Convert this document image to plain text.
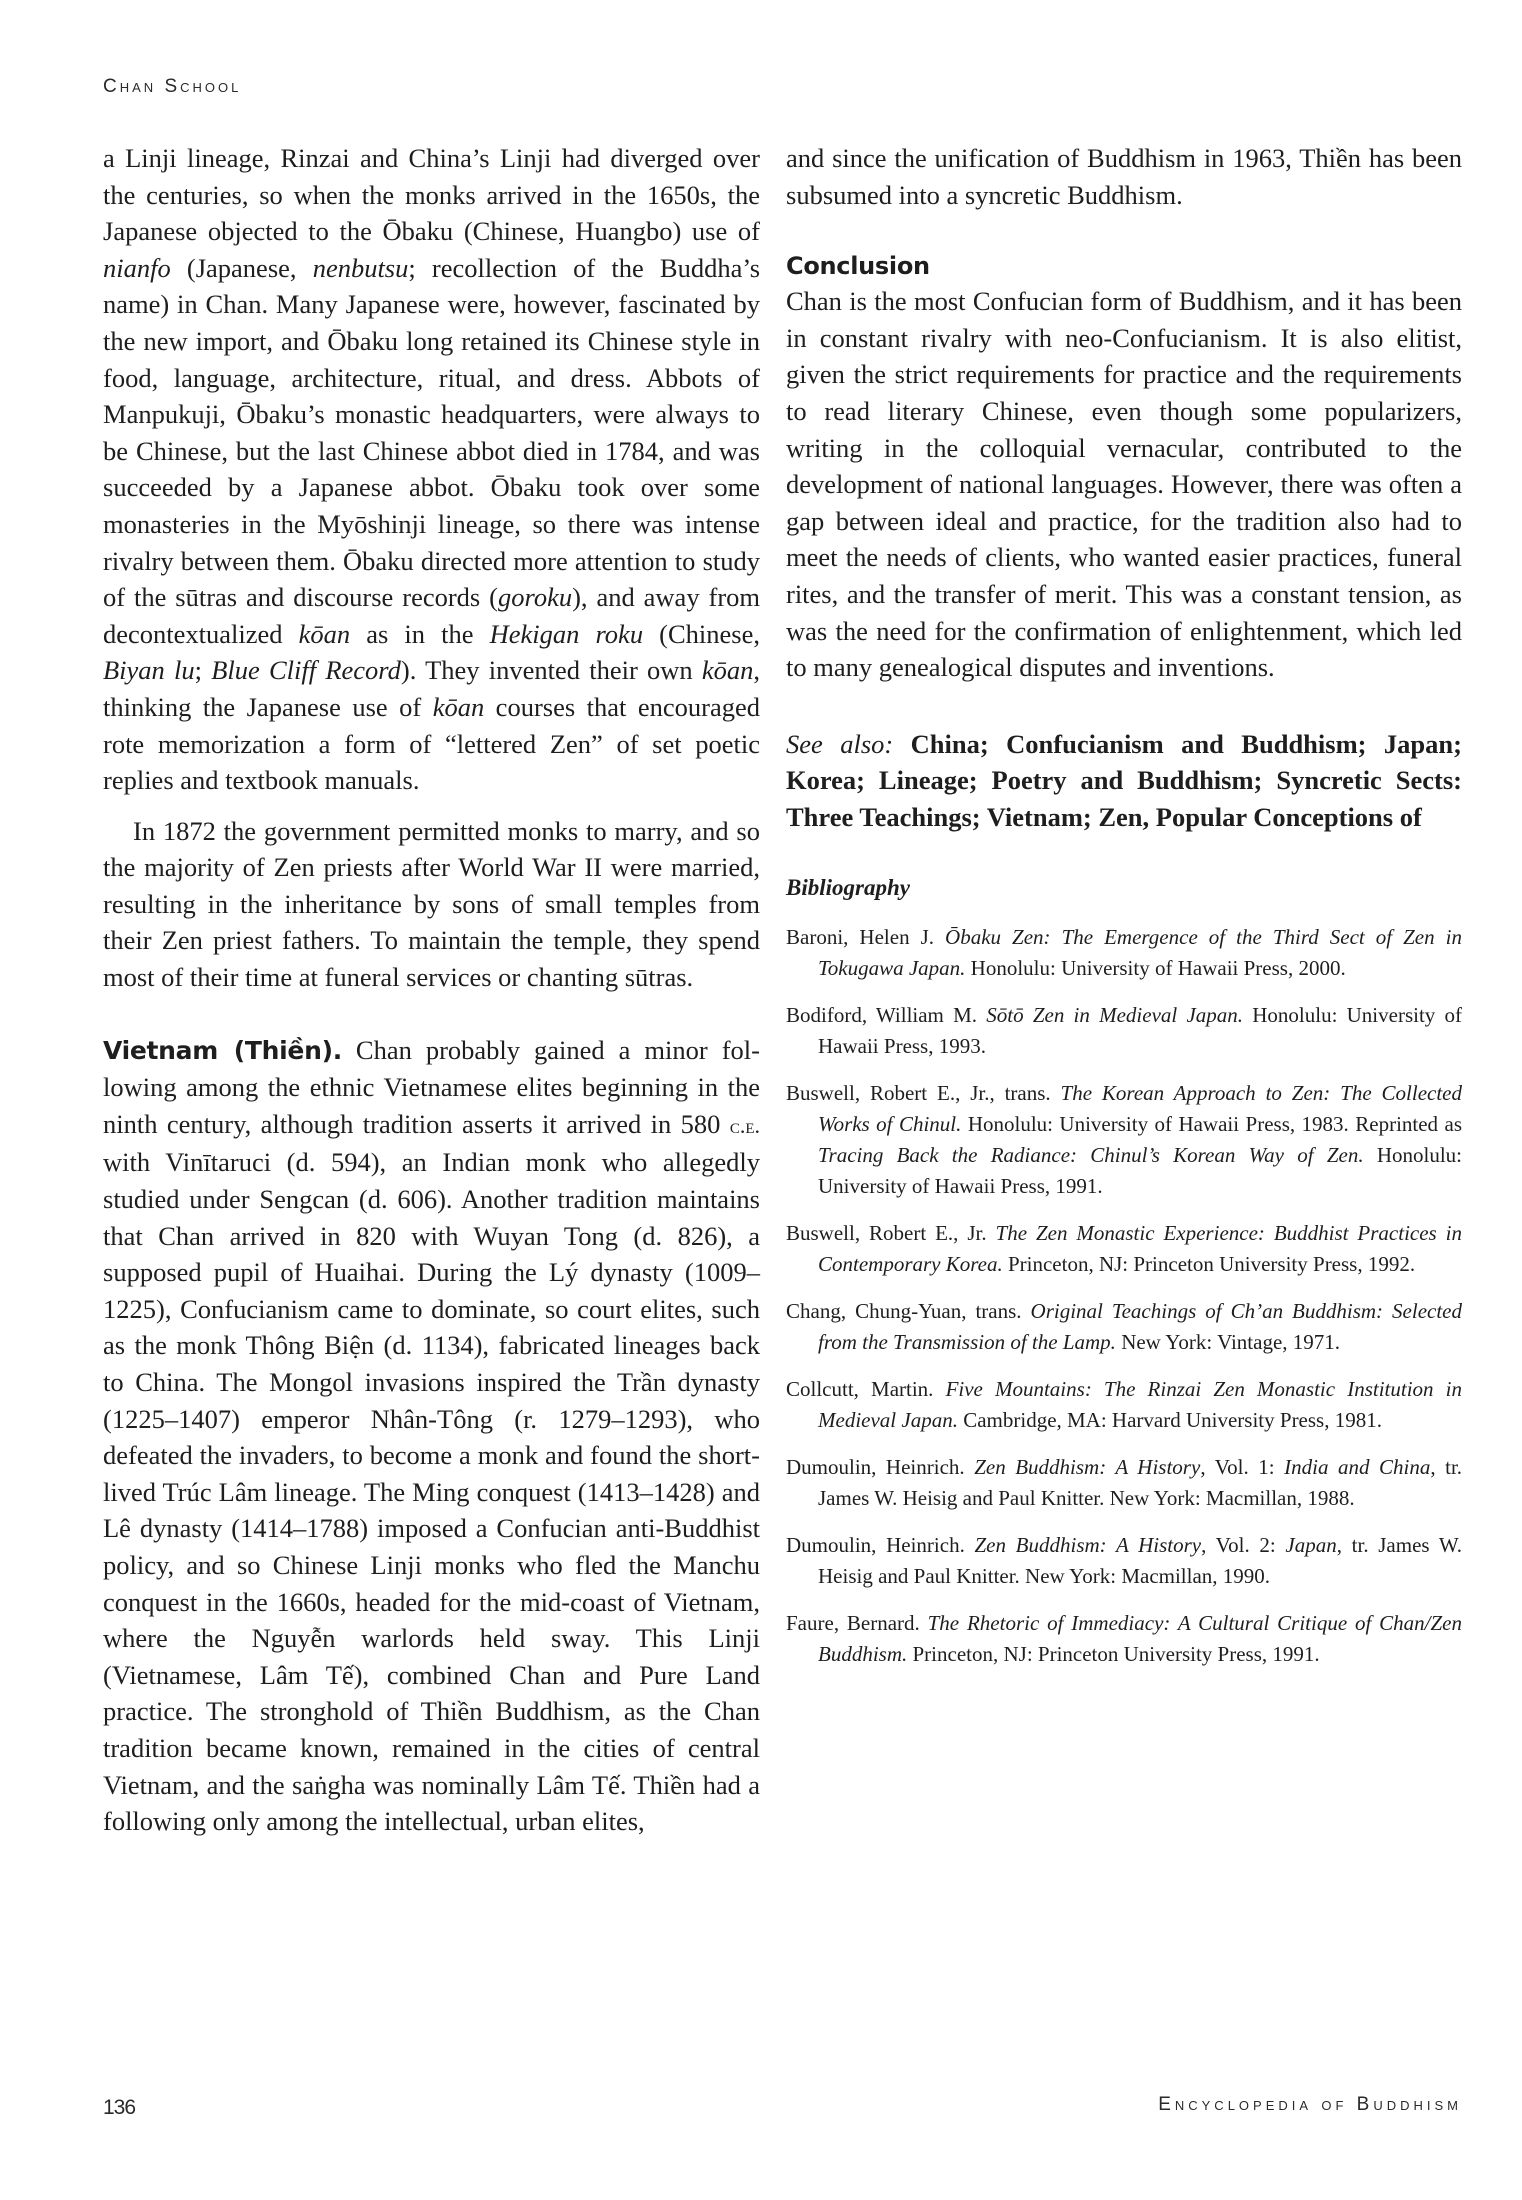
Chan School

a Linji lineage, Rinzai and China’s Linji had diverged over the centuries, so when the monks arrived in the 1650s, the Japanese objected to the Ōbaku (Chinese, Huangbo) use of nianfo (Japanese, nenbutsu; recollection of the Buddha’s name) in Chan. Many Japanese were, however, fascinated by the new import, and Ōbaku long retained its Chinese style in food, language, architecture, ritual, and dress. Abbots of Manpukuji, Ōbaku’s monastic headquarters, were always to be Chinese, but the last Chinese abbot died in 1784, and was succeeded by a Japanese abbot. Ōbaku took over some monasteries in the Myōshinji lineage, so there was intense rivalry between them. Ōbaku directed more attention to study of the sūtras and discourse records (goroku), and away from decontextualized kōan as in the Hekigan roku (Chinese, Biyan lu; Blue Cliff Record). They invented their own kōan, thinking the Japanese use of kōan courses that encouraged rote memorization a form of “lettered Zen” of set poetic replies and textbook manuals.

In 1872 the government permitted monks to marry, and so the majority of Zen priests after World War II were married, resulting in the inheritance by sons of small temples from their Zen priest fathers. To maintain the temple, they spend most of their time at funeral services or chanting sūtras.

Vietnam (Thiền). Chan probably gained a minor following among the ethnic Vietnamese elites beginning in the ninth century, although tradition asserts it arrived in 580 c.e. with Vinītaruci (d. 594), an Indian monk who allegedly studied under Sengcan (d. 606). Another tradition maintains that Chan arrived in 820 with Wuyan Tong (d. 826), a supposed pupil of Huaihai. During the Lý dynasty (1009–1225), Confucianism came to dominate, so court elites, such as the monk Thông Biện (d. 1134), fabricated lineages back to China. The Mongol invasions inspired the Trần dynasty (1225–1407) emperor Nhân-Tông (r. 1279–1293), who defeated the invaders, to become a monk and found the short-lived Trúc Lâm lineage. The Ming conquest (1413–1428) and Lê dynasty (1414–1788) imposed a Confucian anti-Buddhist policy, and so Chinese Linji monks who fled the Manchu conquest in the 1660s, headed for the mid-coast of Vietnam, where the Nguyễn warlords held sway. This Linji (Vietnamese, Lâm Tế), combined Chan and Pure Land practice. The stronghold of Thiền Buddhism, as the Chan tradition became known, remained in the cities of central Vietnam, and the saṅgha was nominally Lâm Tế. Thiền had a following only among the intellectual, urban elites,

and since the unification of Buddhism in 1963, Thiền has been subsumed into a syncretic Buddhism.

Conclusion

Chan is the most Confucian form of Buddhism, and it has been in constant rivalry with neo-Confucianism. It is also elitist, given the strict requirements for practice and the requirements to read literary Chinese, even though some popularizers, writing in the colloquial vernacular, contributed to the development of national languages. However, there was often a gap between ideal and practice, for the tradition also had to meet the needs of clients, who wanted easier practices, funeral rites, and the transfer of merit. This was a constant tension, as was the need for the confirmation of enlightenment, which led to many genealogical disputes and inventions.

See also: China; Confucianism and Buddhism; Japan; Korea; Lineage; Poetry and Buddhism; Syncretic Sects: Three Teachings; Vietnam; Zen, Popular Conceptions of

Bibliography

Baroni, Helen J. Ōbaku Zen: The Emergence of the Third Sect of Zen in Tokugawa Japan. Honolulu: University of Hawaii Press, 2000.

Bodiford, William M. Sōtō Zen in Medieval Japan. Honolulu: University of Hawaii Press, 1993.

Buswell, Robert E., Jr., trans. The Korean Approach to Zen: The Collected Works of Chinul. Honolulu: University of Hawaii Press, 1983. Reprinted as Tracing Back the Radiance: Chinul’s Korean Way of Zen. Honolulu: University of Hawaii Press, 1991.

Buswell, Robert E., Jr. The Zen Monastic Experience: Buddhist Practices in Contemporary Korea. Princeton, NJ: Princeton University Press, 1992.

Chang, Chung-Yuan, trans. Original Teachings of Ch’an Buddhism: Selected from the Transmission of the Lamp. New York: Vintage, 1971.

Collcutt, Martin. Five Mountains: The Rinzai Zen Monastic Institution in Medieval Japan. Cambridge, MA: Harvard University Press, 1981.

Dumoulin, Heinrich. Zen Buddhism: A History, Vol. 1: India and China, tr. James W. Heisig and Paul Knitter. New York: Macmillan, 1988.

Dumoulin, Heinrich. Zen Buddhism: A History, Vol. 2: Japan, tr. James W. Heisig and Paul Knitter. New York: Macmillan, 1990.

Faure, Bernard. The Rhetoric of Immediacy: A Cultural Critique of Chan/Zen Buddhism. Princeton, NJ: Princeton University Press, 1991.

136	Encyclopedia of Buddhism
